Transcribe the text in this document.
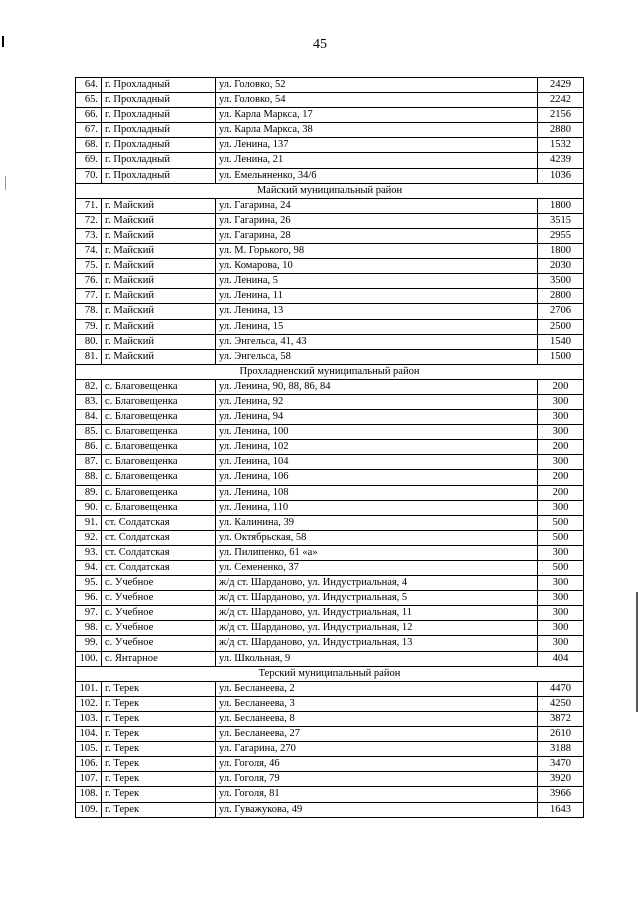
45
64.	г. Прохладный	ул. Головко, 52	2429
65.	г. Прохладный	ул. Головко, 54	2242
66.	г. Прохладный	ул. Карла Маркса, 17	2156
67.	г. Прохладный	ул. Карла Маркса, 38	2880
68.	г. Прохладный	ул. Ленина, 137	1532
69.	г. Прохладный	ул. Ленина, 21	4239
70.	г. Прохладный	ул. Емельяненко, 34/6	1036
Майский муниципальный район			
71.	г. Майский	ул. Гагарина, 24	1800
72.	г. Майский	ул. Гагарина, 26	3515
73.	г. Майский	ул. Гагарина, 28	2955
74.	г. Майский	ул. М. Горького, 98	1800
75.	г. Майский	ул. Комарова, 10	2030
76.	г. Майский	ул. Ленина, 5	3500
77.	г. Майский	ул. Ленина, 11	2800
78.	г. Майский	ул. Ленина, 13	2706
79.	г. Майский	ул. Ленина, 15	2500
80.	г. Майский	ул. Энгельса, 41, 43	1540
81.	г. Майский	ул. Энгельса, 58	1500
Прохладненский муниципальный район			
82.	с. Благовещенка	ул. Ленина, 90, 88, 86, 84	200
83.	с. Благовещенка	ул. Ленина, 92	300
84.	с. Благовещенка	ул. Ленина, 94	300
85.	с. Благовещенка	ул. Ленина, 100	300
86.	с. Благовещенка	ул. Ленина, 102	200
87.	с. Благовещенка	ул. Ленина, 104	300
88.	с. Благовещенка	ул. Ленина, 106	200
89.	с. Благовещенка	ул. Ленина, 108	200
90.	с. Благовещенка	ул. Ленина, 110	300
91.	ст. Солдатская	ул. Калинина, 39	500
92.	ст. Солдатская	ул. Октябрьская, 58	500
93.	ст. Солдатская	ул. Пилипенко, 61 «а»	300
94.	ст. Солдатская	ул. Семененко, 37	500
95.	с. Учебное	ж/д ст. Шарданово, ул. Индустриальная, 4	300
96.	с. Учебное	ж/д ст. Шарданово, ул. Индустриальная, 5	300
97.	с. Учебное	ж/д ст. Шарданово, ул. Индустриальная, 11	300
98.	с. Учебное	ж/д ст. Шарданово, ул. Индустриальная, 12	300
99.	с. Учебное	ж/д ст. Шарданово, ул. Индустриальная, 13	300
100.	с. Янтарное	ул. Школьная, 9	404
Терский муниципальный район			
101.	г. Терек	ул. Бесланеева, 2	4470
102.	г. Терек	ул. Бесланеева, 3	4250
103.	г. Терек	ул. Бесланеева, 8	3872
104.	г. Терек	ул. Бесланеева, 27	2610
105.	г. Терек	ул. Гагарина, 270	3188
106.	г. Терек	ул. Гоголя, 46	3470
107.	г. Терек	ул. Гоголя, 79	3920
108.	г. Терек	ул. Гоголя, 81	3966
109.	г. Терек	ул. Гуважукова, 49	1643
